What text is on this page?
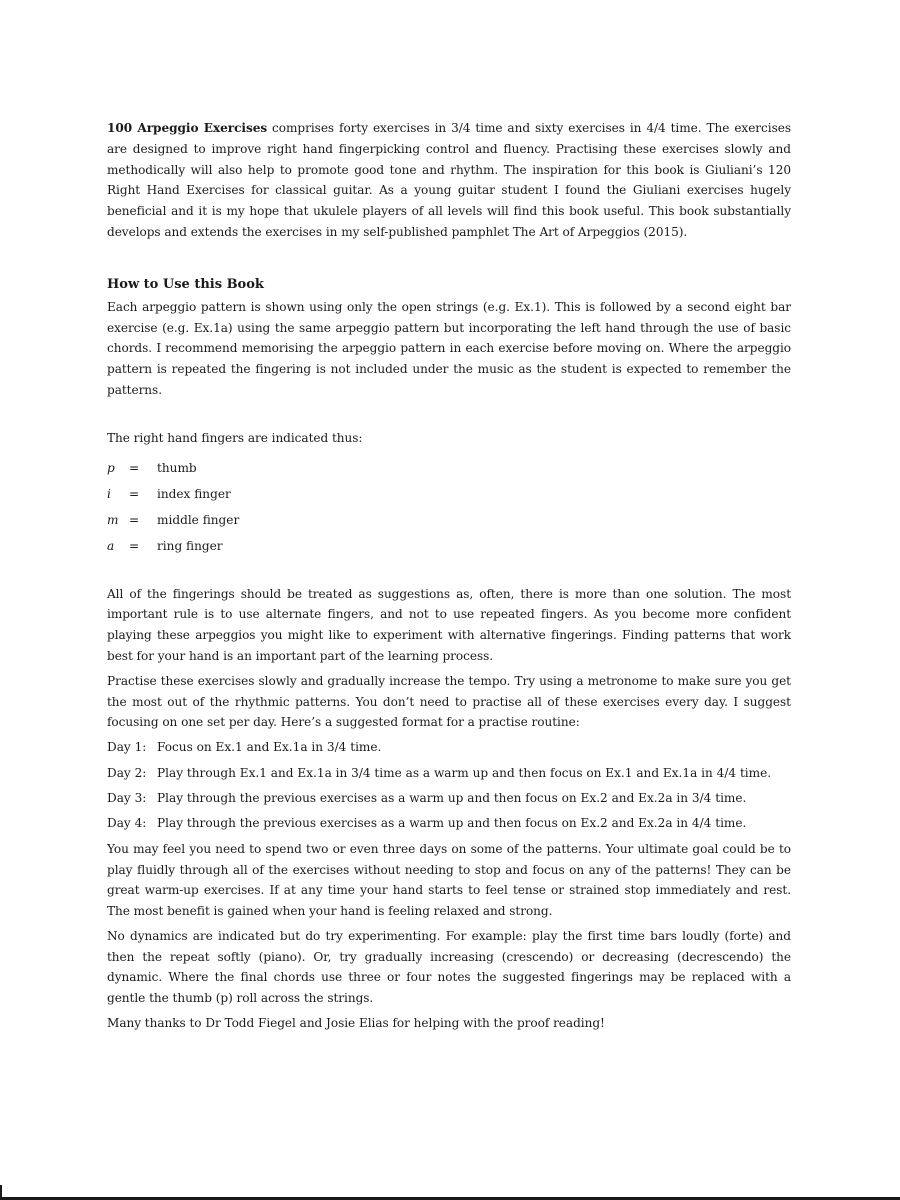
100 Arpeggio Exercises comprises forty exercises in 3/4 time and sixty exercises in 4/4 time. The exercises are designed to improve right hand fingerpicking control and fluency. Practising these exercises slowly and methodically will also help to promote good tone and rhythm. The inspiration for this book is Giuliani’s 120 Right Hand Exercises for classical guitar. As a young guitar student I found the Giuliani exercises hugely beneficial and it is my hope that ukulele players of all levels will find this book useful. This book substantially develops and extends the exercises in my self-published pamphlet The Art of Arpeggios (2015).

How to Use this Book

Each arpeggio pattern is shown using only the open strings (e.g. Ex.1). This is followed by a second eight bar exercise (e.g. Ex.1a) using the same arpeggio pattern but incorporating the left hand through the use of basic chords. I recommend memorising the arpeggio pattern in each exercise before moving on. Where the arpeggio pattern is repeated the fingering is not included under the music as the student is expected to remember the patterns.

The right hand fingers are indicated thus:

p	=	thumb
i	=	index finger
m =	middle finger
a	=	ring finger

All of the fingerings should be treated as suggestions as, often, there is more than one solution. The most important rule is to use alternate fingers, and not to use repeated fingers. As you become more confident playing these arpeggios you might like to experiment with alternative fingerings. Finding patterns that work best for your hand is an important part of the learning process.

Practise these exercises slowly and gradually increase the tempo. Try using a metronome to make sure you get the most out of the rhythmic patterns. You don’t need to practise all of these exercises every day. I suggest focusing on one set per day. Here’s a suggested format for a practise routine:

Day 1: Focus on Ex.1 and Ex.1a in 3/4 time.
Day 2: Play through Ex.1 and Ex.1a in 3/4 time as a warm up and then focus on Ex.1 and Ex.1a in 4/4 time.
Day 3: Play through the previous exercises as a warm up and then focus on Ex.2 and Ex.2a in 3/4 time.
Day 4: Play through the previous exercises as a warm up and then focus on Ex.2 and Ex.2a in 4/4 time.

You may feel you need to spend two or even three days on some of the patterns. Your ultimate goal could be to play fluidly through all of the exercises without needing to stop and focus on any of the patterns! They can be great warm-up exercises. If at any time your hand starts to feel tense or strained stop immediately and rest. The most benefit is gained when your hand is feeling relaxed and strong.

No dynamics are indicated but do try experimenting. For example: play the first time bars loudly (forte) and then the repeat softly (piano). Or, try gradually increasing (crescendo) or decreasing (decrescendo) the dynamic. Where the final chords use three or four notes the suggested fingerings may be replaced with a gentle the thumb (p) roll across the strings.

Many thanks to Dr Todd Fiegel and Josie Elias for helping with the proof reading!
